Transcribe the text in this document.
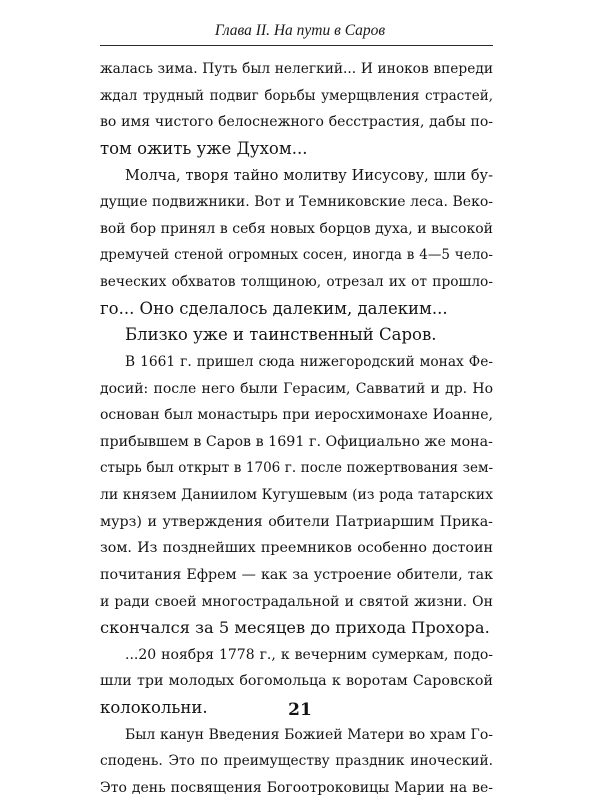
Глава II. На пути в Саров
жалась зима. Путь был нелегкий... И иноков впереди
ждал трудный подвиг борьбы умерщвления страстей,
во имя чистого белоснежного бесстрастия, дабы по-
том ожить уже Духом...
Молча, творя тайно молитву Иисусову, шли бу-
дущие подвижники. Вот и Темниковские леса. Веко-
вой бор принял в себя новых борцов духа, и высокой
дремучей стеной огромных сосен, иногда в 4—5 чело-
веческих обхватов толщиною, отрезал их от прошло-
го... Оно сделалось далеким, далеким...
Близко уже и таинственный Саров.
В 1661 г. пришел сюда нижегородский монах Фе-
досий: после него были Герасим, Савватий и др. Но
основан был монастырь при иеросхимонахе Иоанне,
прибывшем в Саров в 1691 г. Официально же мона-
стырь был открыт в 1706 г. после пожертвования зем-
ли князем Даниилом Кугушевым (из рода татарских
мурз) и утверждения обители Патриаршим Прика-
зом. Из позднейших преемников особенно достоин
почитания Ефрем — как за устроение обители, так
и ради своей многострадальной и святой жизни. Он
скончался за 5 месяцев до прихода Прохора.
...20 ноября 1778 г., к вечерним сумеркам, подо-
шли три молодых богомольца к воротам Саровской
колокольни.
Был канун Введения Божией Матери во храм Го-
сподень. Это по преимуществу праздник иноческий.
Это день посвящения Богоотроковицы Марии на ве-
21
